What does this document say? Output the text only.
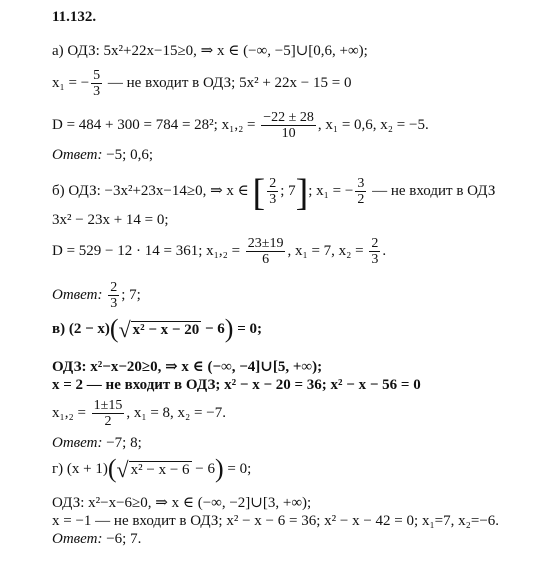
11.132.
а) ОДЗ: 5x²+22x−15≥0, ⇒ x ∈ (−∞, −5]∪[0,6, +∞);
x₁ = − $\frac{5}{3}$ — не входит в ОДЗ; 5x² + 22x − 15 = 0
D = 484 + 300 = 784 = 28²; $x_1,_2 = \frac{-22 \pm 28}{10}$ , x₁ = 0,6, x₂ = −5.
Ответ: −5; 0,6;
б) ОДЗ: −3x²+23x−14≥0, ⇒ x ∈ [ $\frac{2}{3}$ ; 7]; x₁ = − $\frac{3}{2}$ — не входит в ОДЗ
3x² − 23x + 14 = 0;
D = 529 − 12 · 14 = 361; $x_1,_2 = \frac{23\pm 19}{6}$ , x₁ = 7, $x_2 = \frac{2}{3}$ .
Ответ: $\frac{2}{3}$ ; 7;
в) (2 − x)(√ x² − x − 20 − 6) = 0;
ОДЗ: x²−x−20≥0, ⇒ x ∈ (−∞, −4]∪[5, +∞);
x = 2 — не входит в ОДЗ; x² − x − 20 = 36; x² − x − 56 = 0
$x_1,_2 = \frac{1\pm 15}{2}$ , x₁ = 8, x₂ = −7.
Ответ: −7; 8;
г) (x + 1)(√ x² − x − 6 − 6) = 0;
ОДЗ: x²−x−6≥0, ⇒ x ∈ (−∞, −2]∪[3, +∞);
x = −1 — не входит в ОДЗ; x² − x − 6 = 36; x² − x − 42 = 0; x₁=7, x₂=−6.
Ответ: −6; 7.
